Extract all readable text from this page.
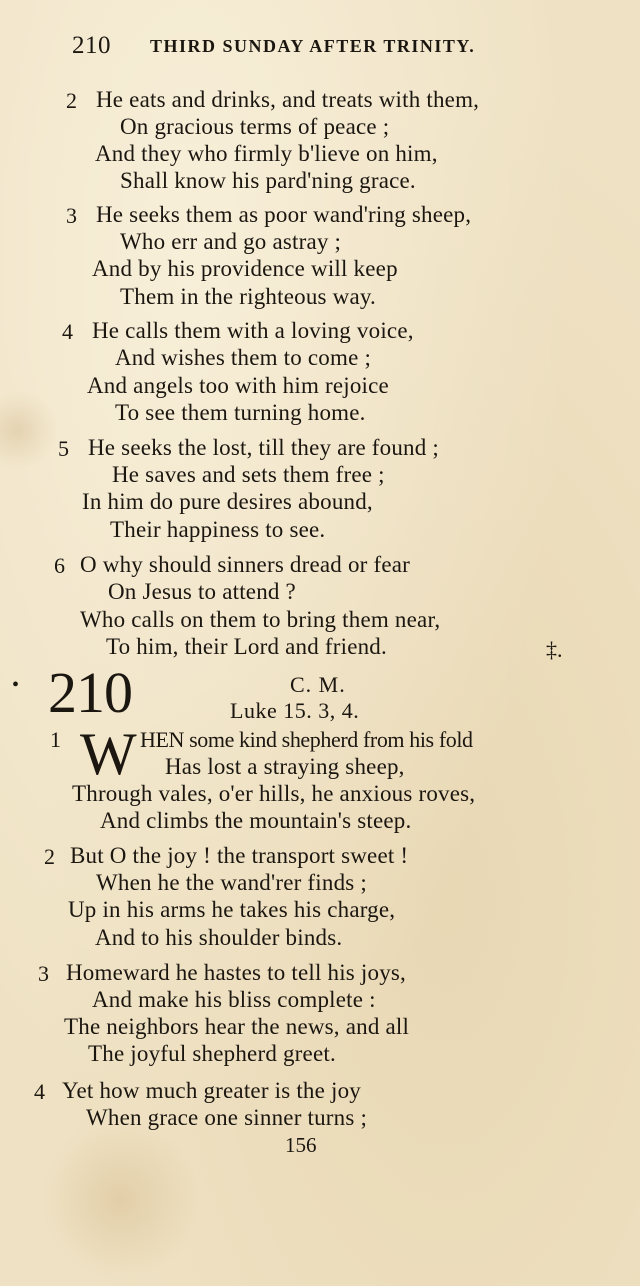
210 THIRD SUNDAY AFTER TRINITY.
2 He eats and drinks, and treats with them,
On gracious terms of peace ;
And they who firmly b'lieve on him,
Shall know his pard'ning grace.
3 He seeks them as poor wand'ring sheep,
Who err and go astray ;
And by his providence will keep
Them in the righteous way.
4 He calls them with a loving voice,
And wishes them to come ;
And angels too with him rejoice
To see them turning home.
5 He seeks the lost, till they are found ;
He saves and sets them free ;
In him do pure desires abound,
Their happiness to see.
6 O why should sinners dread or fear
On Jesus to attend ?
Who calls on them to bring them near,
To him, their Lord and friend.	‡.
• 210	C. M.
Luke 15. 3, 4.
1 W HEN some kind shepherd from his fold
Has lost a straying sheep,
Through vales, o'er hills, he anxious roves,
And climbs the mountain's steep.
2 But O the joy ! the transport sweet !
When he the wand'rer finds ;
Up in his arms he takes his charge,
And to his shoulder binds.
3 Homeward he hastes to tell his joys,
And make his bliss complete :
The neighbors hear the news, and all
The joyful shepherd greet.
4 Yet how much greater is the joy
When grace one sinner turns ;
156
